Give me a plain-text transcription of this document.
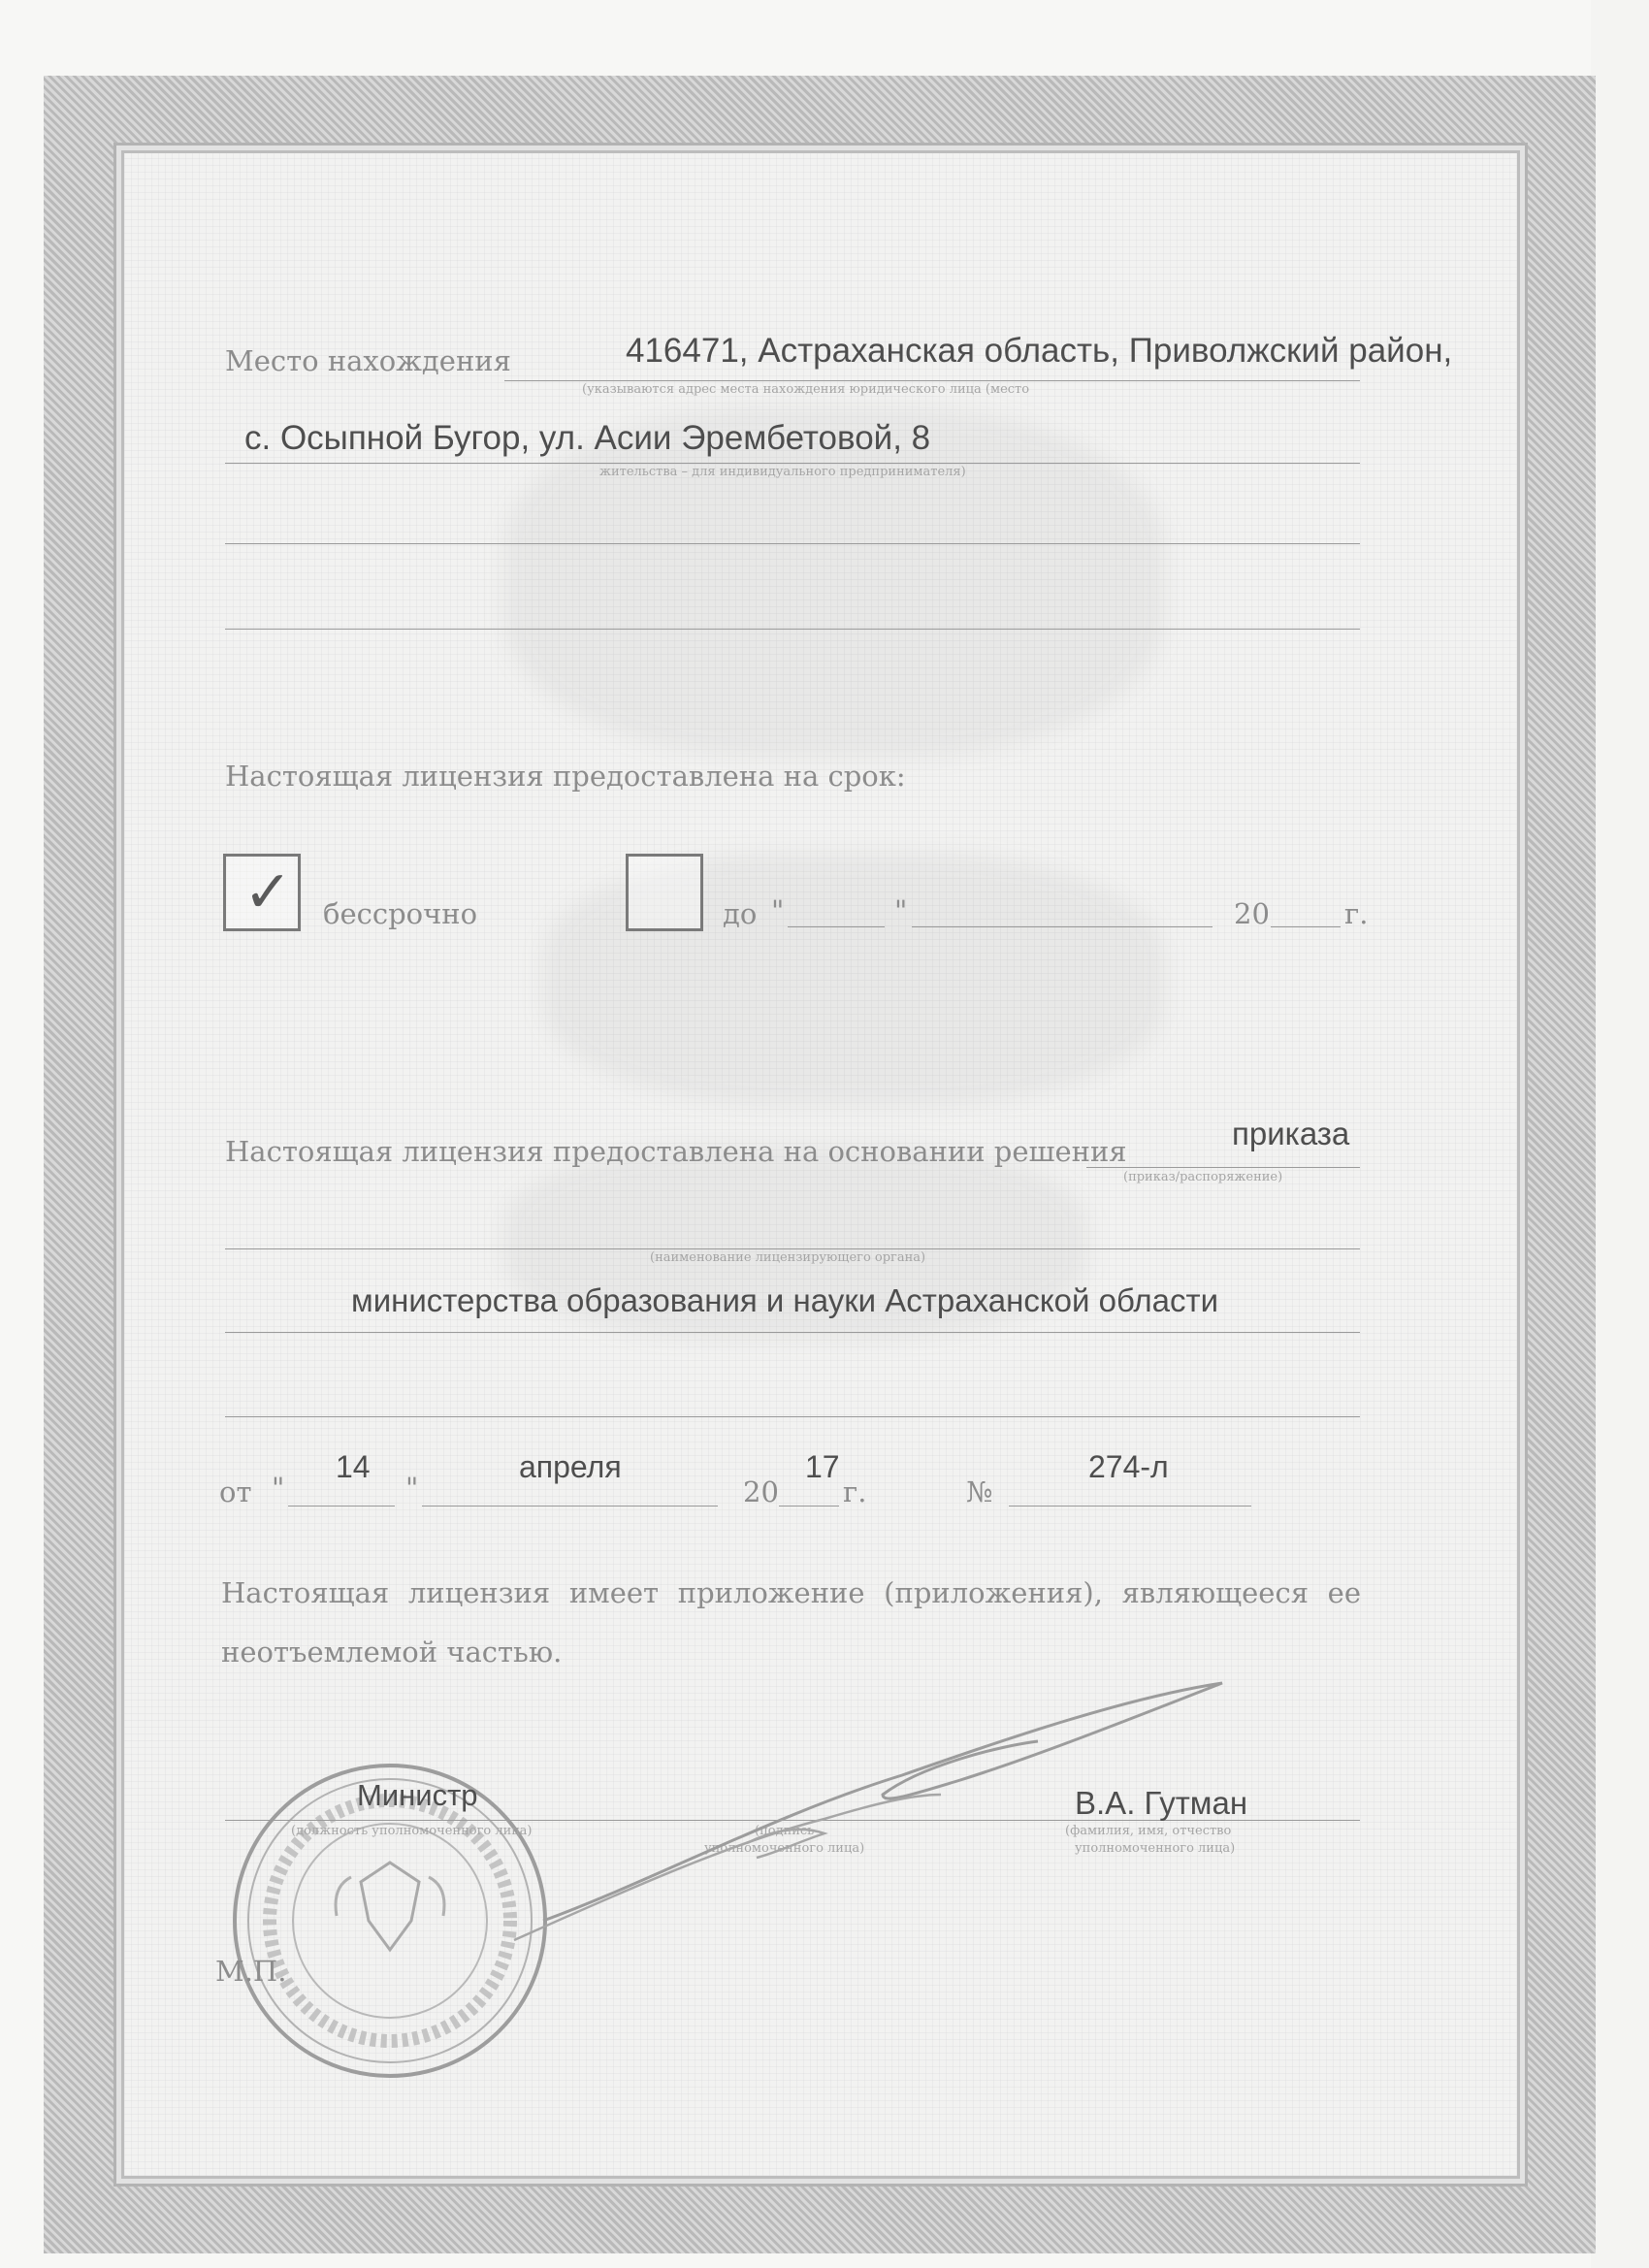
Место нахождения	416471, Астраханская область, Приволжский район,
(указываются адрес места нахождения юридического лица (место
с. Осыпной Бугор, ул. Асии Эрембетовой, 8
жительства – для индивидуального предпринимателя)
Настоящая лицензия предоставлена на срок:
✓ бессрочно	до "	"	20	г.
Настоящая лицензия предоставлена на основании решения	приказа
(приказ/распоряжение)
(наименование лицензирующего органа)
министерства образования и науки Астраханской области
от "
14
"
апреля
20
17
г.	№
274-л
Настоящая лицензия имеет приложение (приложения), являющееся ее
неотъемлемой частью.
Министр
(должность уполномоченного лица)	(подпись
уполномоченного лица)
В.А. Гутман
(фамилия, имя, отчество
уполномоченного лица)
М.П.
